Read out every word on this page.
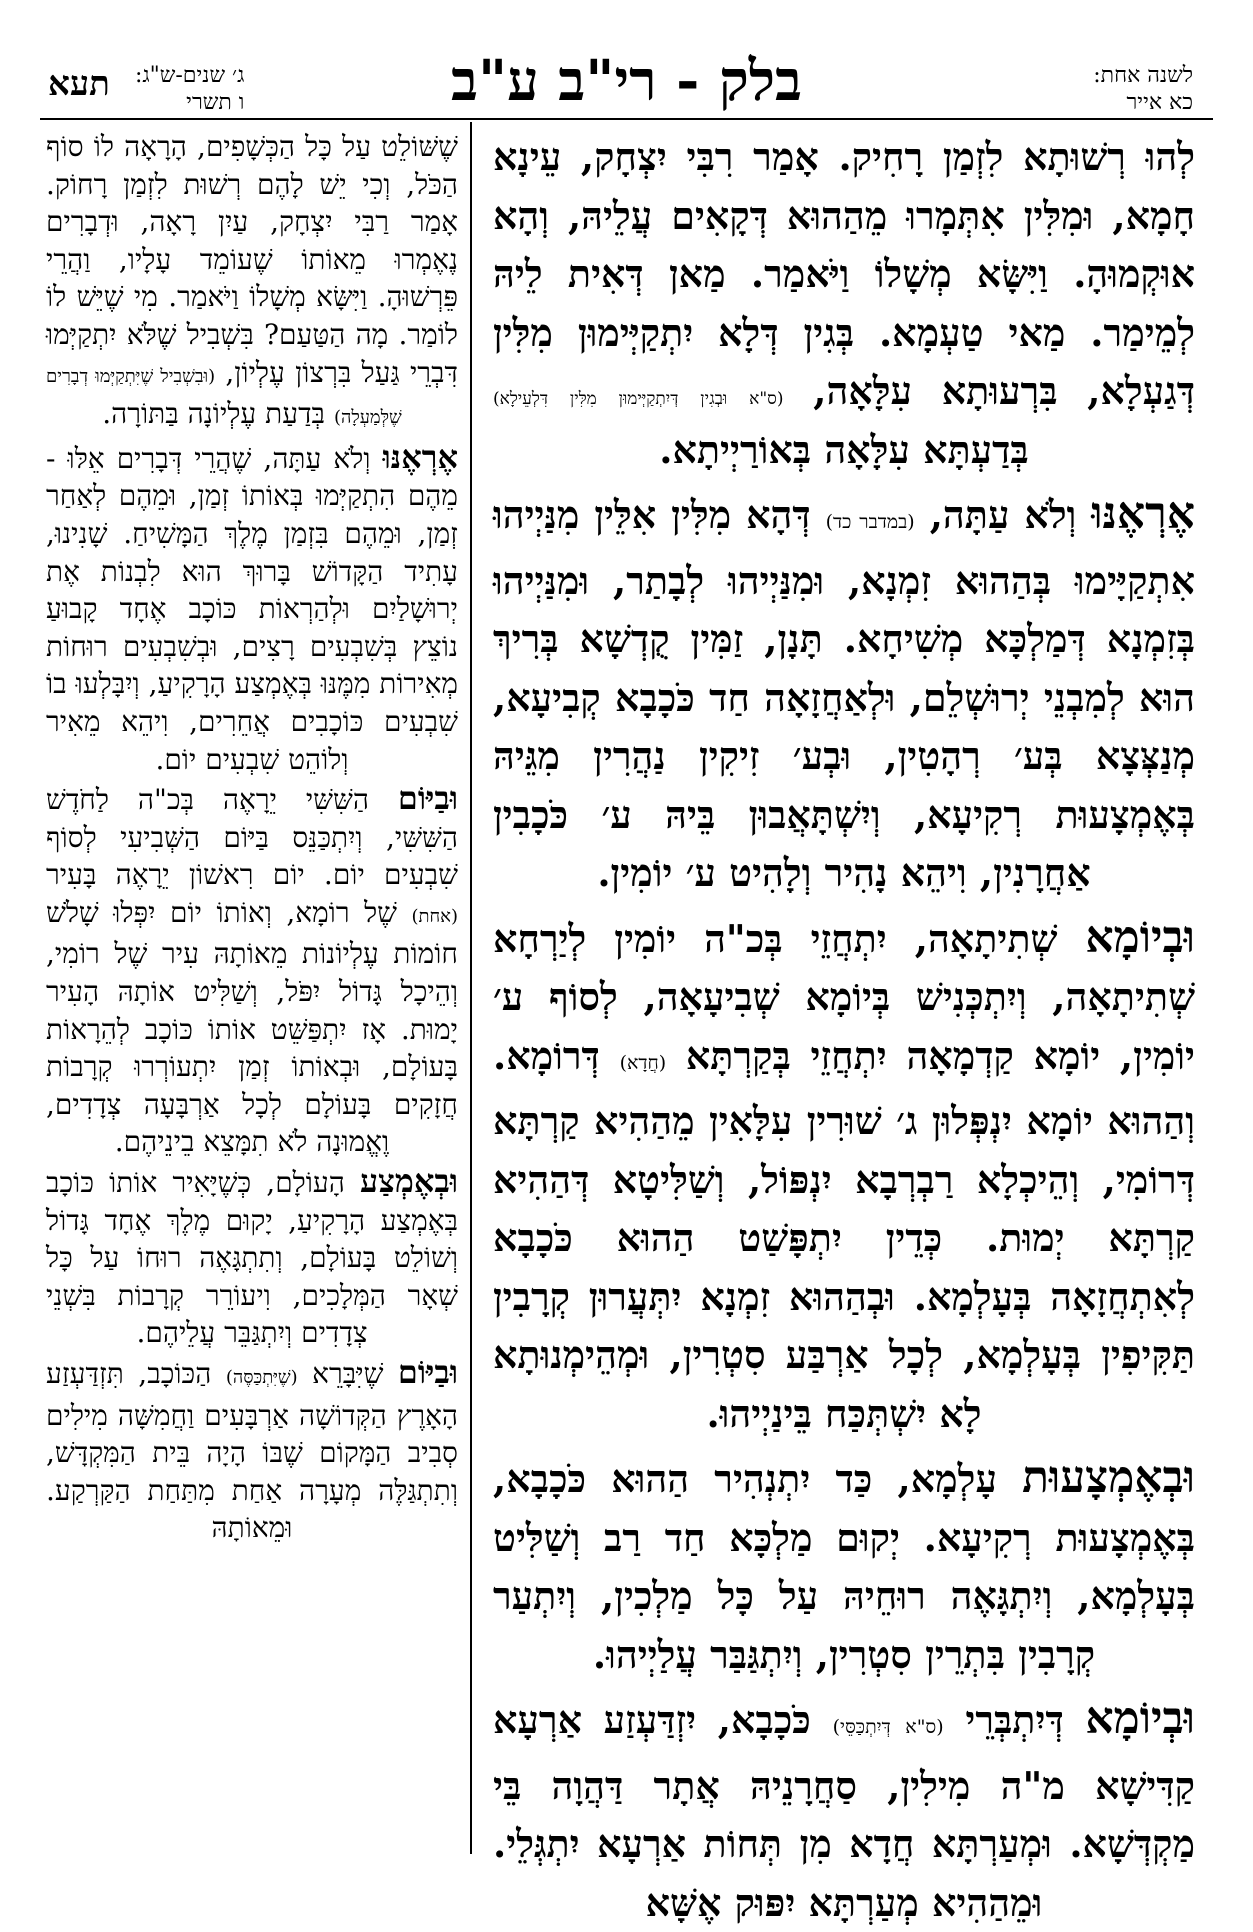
לשנה אחת:
כא אייר
בלק - רי"ב ע"ב
ג׳ שנים-ש"ג:
ו תשרי
תעא

לְהוּ רְשׁוּתָא לִזְמַן רָחִיק. אָמַר רִבִּי יִצְחָק, עֵינָא חָמָא, וּמִלִּין אִתְּמָרוּ מֵהַהוּא דְּקָאִים עֲלֵיהּ, וְהָא אוּקְמוּהָ. וַיִּשָּׂא מְשָׁלוֹ וַיֹּאמַר. מַאן דְּאִית לֵיהּ לְמֵימַר. מַאי טַעְמָא. בְּגִין דְּלָא יִתְקַיְּימוּן מִלִּין דְּגַעְלָא, בִּרְעוּתָא עִלָּאָה, (ס"א וּבְגִין דְּיִתְקַיְּימוּן מִלִּין דִּלְעֵילָא) בְּדַעְתָּא עִלָּאָה בְּאוֹרַיְיתָא.

אֶרְאֶנּוּ וְלֹא עַתָּה, (במדבר כד) דְּהָא מִלִּין אִלֵּין מִנַּיְיהוּ אִתְקַיָּימוּ בְּהַהוּא זִמְנָא, וּמִנַּיְיהוּ לְבָתַר, וּמִנַּיְיהוּ בְּזִמְנָא דְּמַלְכָּא מְשִׁיחָא. תָּנָן, זַמִּין קֻדְשָׁא בְּרִיךְ הוּא לְמִבְנֵי יְרוּשְׁלֵם, וּלְאַחֲזָאָה חַד כֹּכָבָא קְבִיעָא, מְנַצְּצָא בְּע׳ רְהָטִין, וּבְע׳ זִיקִין נַהֲרִין מִגֵּיהּ בְּאֶמְצָעוּת רְקִיעָא, וְיִשְׁתָּאֲבוּן בֵּיהּ ע׳ כֹּכָבִין אַחֲרָנִין, וִיהֵא נָהִיר וְלָהִיט ע׳ יוֹמִין.

וּבְיוֹמָא שְׁתִיתָאָה, יִתְחֲזֵי בְּכ"ה יוֹמִין לְיַרְחָא שְׁתִיתָאָה, וְיִתְכְּנִישׁ בְּיוֹמָא שְׁבִיעָאָה, לְסוֹף ע׳ יוֹמִין, יוֹמָא קַדְמָאָה יִתְחֲזֵי בְּקַרְתָּא (חֲדָא) דְּרוֹמָא. וְהַהוּא יוֹמָא יִנְפְּלוּן ג׳ שׁוּרִין עִלָּאִין מֵהַהִיא קַרְתָּא דְּרוֹמִי, וְהֵיכְלָא רַבְרְבָא יִנְפּוֹל, וְשַׁלִּיטָא דְּהַהִיא קַרְתָּא יְמוּת. כְּדֵין יִתְפָּשַׁט הַהוּא כֹּכָבָא לְאִתְחֲזָאָה בְּעָלְמָא. וּבְהַהוּא זִמְנָא יִתְּעֲרוּן קְרָבִין תַּקִּיפִין בְּעָלְמָא, לְכָל אַרְבַּע סִטְרִין, וּמְהֵימְנוּתָא לָא יִשְׁתְּכַּח בֵּינַיְיהוּ.

וּבְאֶמְצָעוּת עָלְמָא, כַּד יִתְנְהִיר הַהוּא כֹּכָבָא, בְּאֶמְצָעוּת רְקִיעָא. יְקוּם מַלְכָּא חַד רַב וְשַׁלִּיט בְּעָלְמָא, וְיִתְגָּאֶה רוּחֵיהּ עַל כָּל מַלְכִין, וְיִתְעַר קְרָבִין בִּתְרֵין סִטְרִין, וְיִתְגַּבַּר עֲלַיְיהוּ.

וּבְיוֹמָא דְּיִתְבְּרֵי (ס"א דְּיִתְכַּסֵּי) כֹּכָבָא, יִזְדַּעְזַע אַרְעָא קַדִּישָׁא מ"ה מִילִין, סַחֲרָנֵיהּ אֲתָר דַּהֲוָה בֵּי מַקְדְּשָׁא. וּמְעַרְתָּא חֲדָא מִן תְּחוֹת אַרְעָא יִתְגְּלֵי. וּמֵהַהִיא מְעַרְתָּא יִפּוּק אֶשָּׁא

שֶׁשּׁוֹלֵט עַל כָּל הַכְּשָׁפִים, הָרָאָה לוֹ סוֹף הַכֹּל, וְכִי יֵשׁ לָהֶם רְשׁוּת לִזְמַן רָחוֹק. אָמַר רַבִּי יִצְחָק, עַיִן רָאָה, וּדְבָרִים נֶאֶמְרוּ מֵאוֹתוֹ שֶׁעוֹמֵד עָלָיו, וַהֲרֵי פֵּרְשׁוּהָ. וַיִּשָּׂא מְשָׁלוֹ וַיֹּאמַר. מִי שֶׁיֵּשׁ לוֹ לוֹמַר. מָה הַטַּעַם? בִּשְׁבִיל שֶׁלֹּא יִתְקַיְּמוּ דִּבְרֵי גַּעַל בִּרְצוֹן עֶלְיוֹן, (וּבִשְׁבִיל שֶׁיִּתְקַיְּמוּ דְבָרִים שֶׁלְּמַעְלָה) בְּדַעַת עֶלְיוֹנָה בַּתּוֹרָה.

אֶרְאֶנּוּ וְלֹא עַתָּה, שֶׁהֲרֵי דְּבָרִים אֵלּוּ - מֵהֶם הִתְקַיְּמוּ בְּאוֹתוֹ זְמַן, וּמֵהֶם לְאַחַר זְמַן, וּמֵהֶם בִּזְמַן מֶלֶךְ הַמָּשִׁיחַ. שָׁנִינוּ, עָתִיד הַקָּדוֹשׁ בָּרוּךְ הוּא לִבְנוֹת אֶת יְרוּשָׁלַיִם וּלְהַרְאוֹת כּוֹכָב אֶחָד קָבוּעַ נוֹצֵץ בְּשִׁבְעִים רָצִים, וּבְשִׁבְעִים רוּחוֹת מְאִירוֹת מִמֶּנּוּ בְּאֶמְצַע הָרָקִיעַ, וְיִבָּלְעוּ בוֹ שִׁבְעִים כּוֹכָבִים אֲחֵרִים, וִיהֵא מֵאִיר וְלוֹהֵט שִׁבְעִים יוֹם.

וּבַיּוֹם הַשִּׁשִּׁי יֵרָאֶה בְּכ"ה לַחֹדֶשׁ הַשִּׁשִּׁי, וְיִתְכַּנֵּס בַּיּוֹם הַשְּׁבִיעִי לְסוֹף שִׁבְעִים יוֹם. יוֹם רִאשׁוֹן יֵרָאֶה בָּעִיר (אחת) שֶׁל רוֹמָא, וְאוֹתוֹ יוֹם יִפְּלוּ שָׁלֹשׁ חוֹמוֹת עֶלְיוֹנוֹת מֵאוֹתָהּ עִיר שֶׁל רוֹמִי, וְהֵיכָל גָּדוֹל יִפֹּל, וְשַׁלִּיט אוֹתָהּ הָעִיר יָמוּת. אָז יִתְפַּשֵּׁט אוֹתוֹ כּוֹכָב לְהֵרָאוֹת בָּעוֹלָם, וּבְאוֹתוֹ זְמַן יִתְעוֹרְרוּ קְרָבוֹת חֲזָקִים בָּעוֹלָם לְכָל אַרְבָּעָה צְדָדִים, וֶאֱמוּנָה לֹא תִמָּצֵא בֵינֵיהֶם.

וּבְאֶמְצַע הָעוֹלָם, כְּשֶׁיָּאִיר אוֹתוֹ כּוֹכָב בְּאֶמְצַע הָרָקִיעַ, יָקוּם מֶלֶךְ אֶחָד גָּדוֹל וְשׁוֹלֵט בָּעוֹלָם, וְתִתְגָּאֶה רוּחוֹ עַל כָּל שְׁאָר הַמְּלָכִים, וִיעוֹרֵר קְרָבוֹת בִּשְׁנֵי צְדָדִים וְיִתְגַּבֵּר עֲלֵיהֶם.

וּבַיּוֹם שֶׁיִּבָּרֵא (שֶׁיִּתְכַּסֶּה) הַכּוֹכָב, תִּזְדַּעְזַע הָאָרֶץ הַקְּדוֹשָׁה אַרְבָּעִים וַחֲמִשָּׁה מִילִים סְבִיב הַמָּקוֹם שֶׁבּוֹ הָיָה בֵּית הַמִּקְדָּשׁ, וְתִתְגַּלֶּה מְעָרָה אַחַת מִתַּחַת הַקַּרְקַע. וּמֵאוֹתָהּ
